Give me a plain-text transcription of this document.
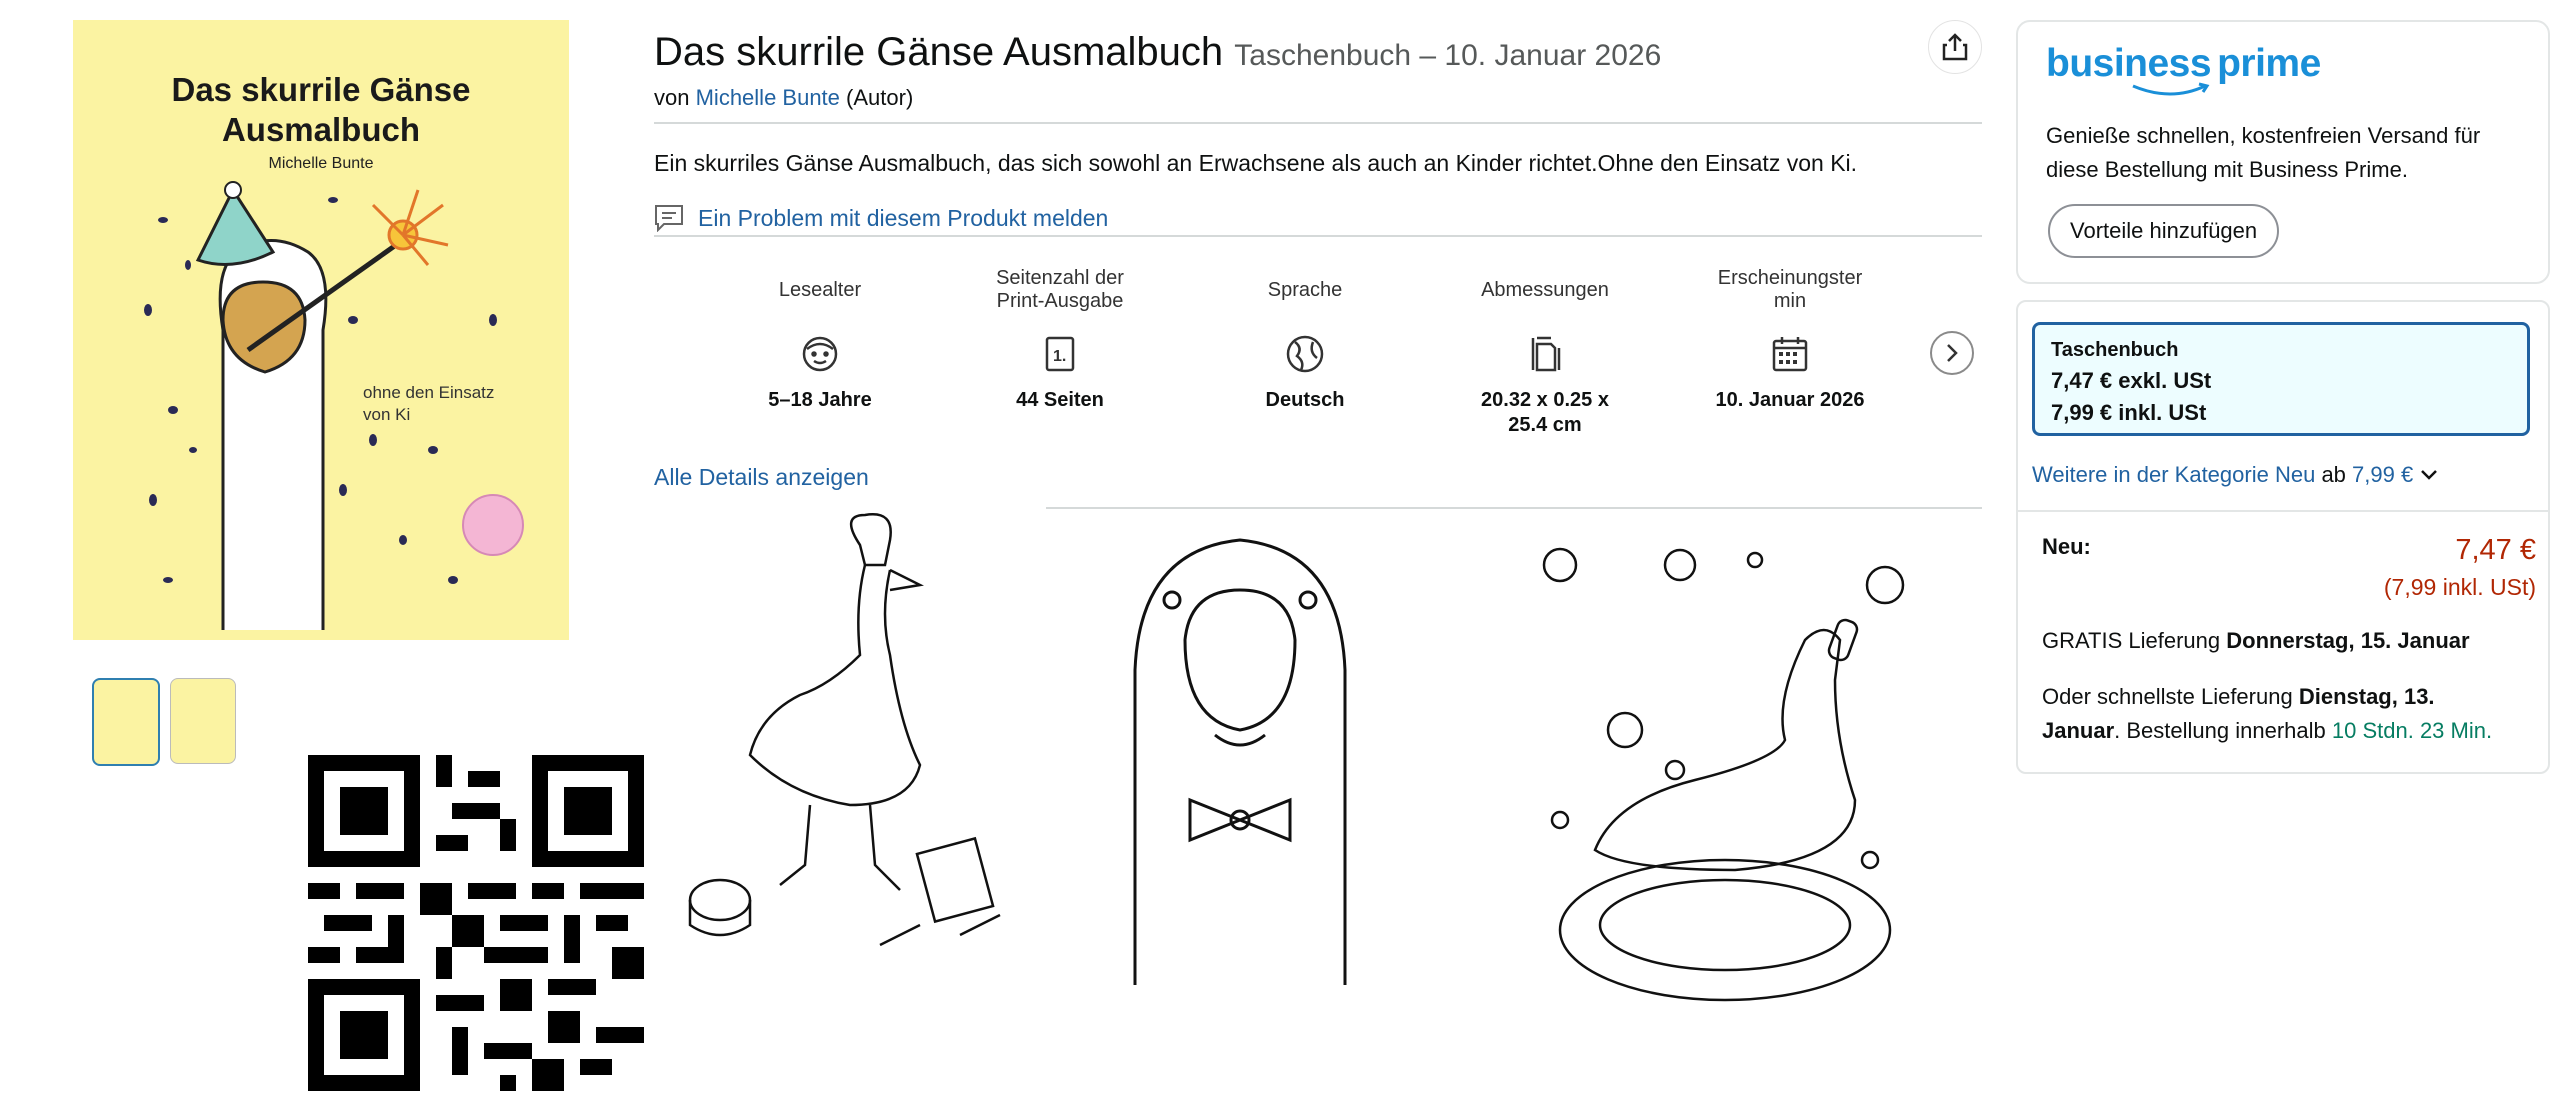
Das skurrile Gänse Ausmalbuch
Michelle Bunte
ohne den Einsatz von Ki
Das skurrile Gänse Ausmalbuch Taschenbuch – 10. Januar 2026
von Michelle Bunte (Autor)
Ein skurriles Gänse Ausmalbuch, das sich sowohl an Erwachsene als auch an Kinder richtet.Ohne den Einsatz von Ki.
Ein Problem mit diesem Produkt melden
Lesealter
5–18 Jahre
Seitenzahl der Print-Ausgabe
1.
44 Seiten
Sprache
Deutsch
Abmessungen
20.32 x 0.25 x 25.4 cm
Erscheinungstermin
10. Januar 2026
Alle Details anzeigen
business prime
Genieße schnellen, kostenfreien Versand für diese Bestellung mit Business Prime.
Vorteile hinzufügen
Taschenbuch
7,47 € exkl. USt
7,99 € inkl. USt
Weitere in der Kategorie Neu ab 7,99 €
Neu:	7,47 €
(7,99 inkl. USt)
GRATIS Lieferung Donnerstag, 15. Januar
Oder schnellste Lieferung Dienstag, 13. Januar. Bestellung innerhalb 10 Stdn. 23 Min.
